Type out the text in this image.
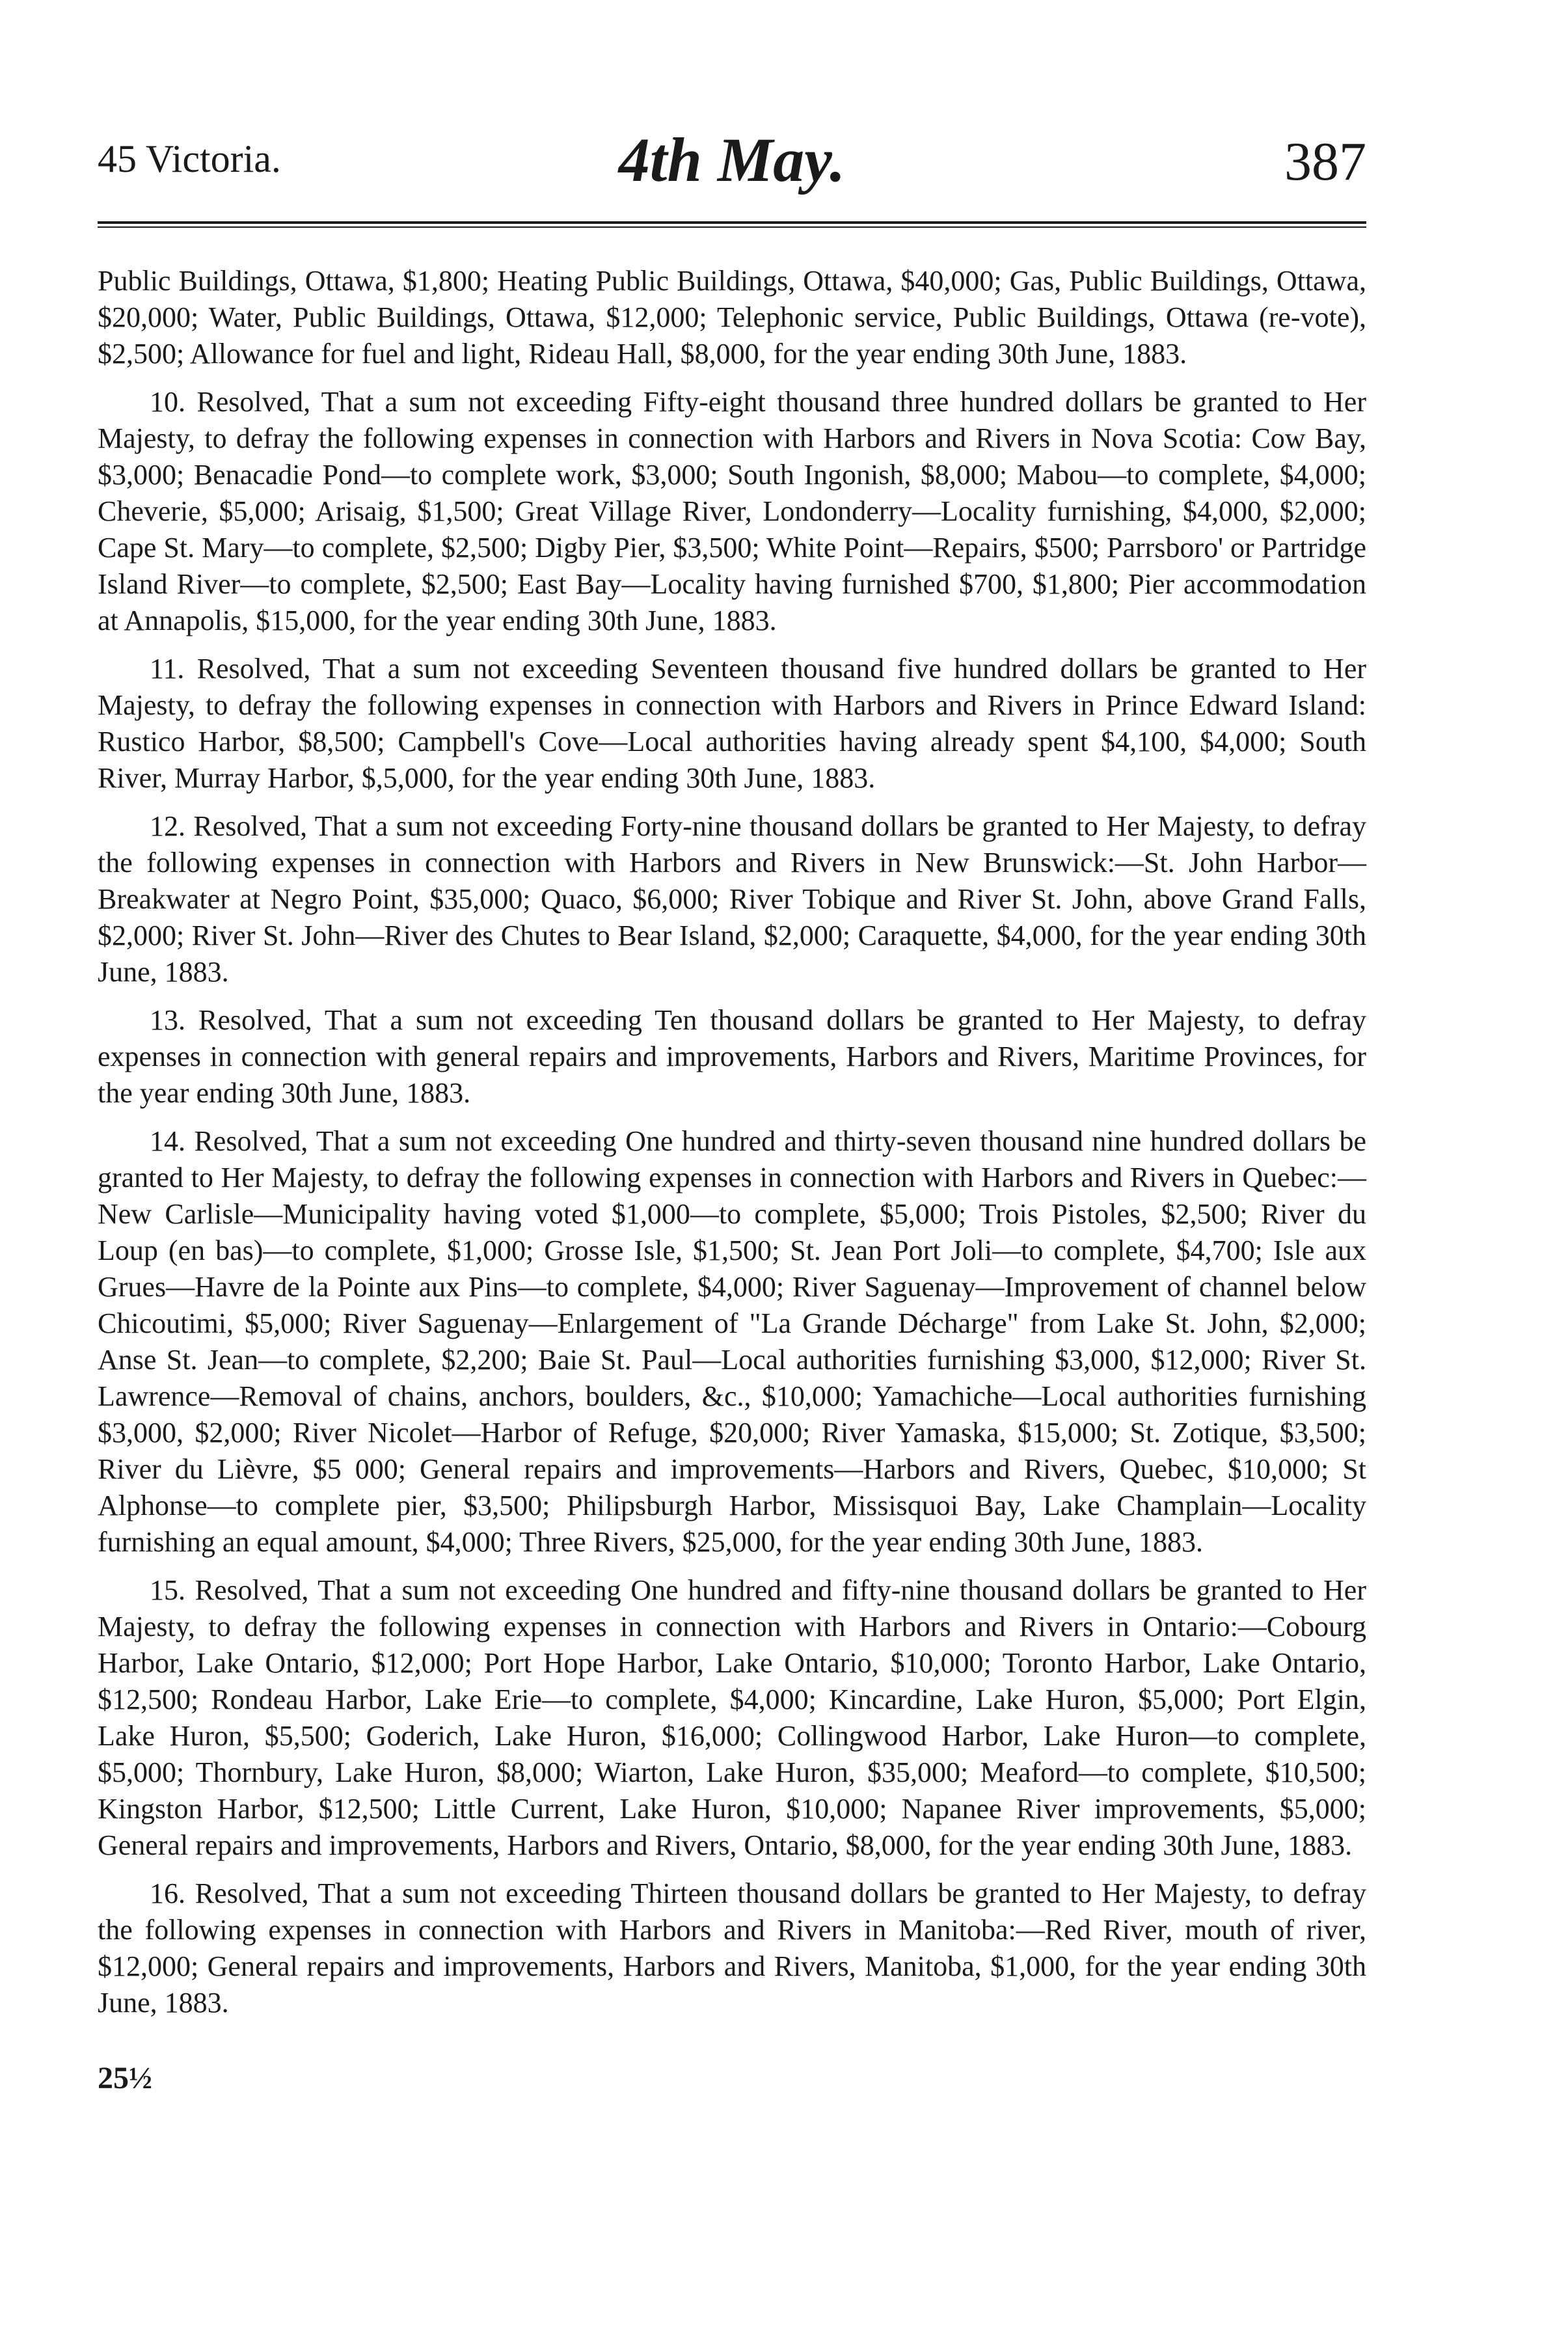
45 Victoria.	4th May.	387

Public Buildings, Ottawa, $1,800; Heating Public Buildings, Ottawa, $40,000; Gas, Public Buildings, Ottawa, $20,000; Water, Public Buildings, Ottawa, $12,000; Telephonic service, Public Buildings, Ottawa (re-vote), $2,500; Allowance for fuel and light, Rideau Hall, $8,000, for the year ending 30th June, 1883.

10. Resolved, That a sum not exceeding Fifty-eight thousand three hundred dollars be granted to Her Majesty, to defray the following expenses in connection with Harbors and Rivers in Nova Scotia: Cow Bay, $3,000; Benacadie Pond—to complete work, $3,000; South Ingonish, $8,000; Mabou—to complete, $4,000; Cheverie, $5,000; Arisaig, $1,500; Great Village River, Londonderry—Locality furnishing, $4,000, $2,000; Cape St. Mary—to complete, $2,500; Digby Pier, $3,500; White Point—Repairs, $500; Parrsboro' or Partridge Island River—to complete, $2,500; East Bay—Locality having furnished $700, $1,800; Pier accommodation at Annapolis, $15,000, for the year ending 30th June, 1883.

11. Resolved, That a sum not exceeding Seventeen thousand five hundred dollars be granted to Her Majesty, to defray the following expenses in connection with Harbors and Rivers in Prince Edward Island: Rustico Harbor, $8,500; Campbell's Cove—Local authorities having already spent $4,100, $4,000; South River, Murray Harbor, $,5,000, for the year ending 30th June, 1883.

12. Resolved, That a sum not exceeding Forty-nine thousand dollars be granted to Her Majesty, to defray the following expenses in connection with Harbors and Rivers in New Brunswick:—St. John Harbor—Breakwater at Negro Point, $35,000; Quaco, $6,000; River Tobique and River St. John, above Grand Falls, $2,000; River St. John—River des Chutes to Bear Island, $2,000; Caraquette, $4,000, for the year ending 30th June, 1883.

13. Resolved, That a sum not exceeding Ten thousand dollars be granted to Her Majesty, to defray expenses in connection with general repairs and improvements, Harbors and Rivers, Maritime Provinces, for the year ending 30th June, 1883.

14. Resolved, That a sum not exceeding One hundred and thirty-seven thousand nine hundred dollars be granted to Her Majesty, to defray the following expenses in connection with Harbors and Rivers in Quebec:—New Carlisle—Municipality having voted $1,000—to complete, $5,000; Trois Pistoles, $2,500; River du Loup (en bas)—to complete, $1,000; Grosse Isle, $1,500; St. Jean Port Joli—to complete, $4,700; Isle aux Grues—Havre de la Pointe aux Pins—to complete, $4,000; River Saguenay—Improvement of channel below Chicoutimi, $5,000; River Saguenay—Enlargement of "La Grande Décharge" from Lake St. John, $2,000; Anse St. Jean—to complete, $2,200; Baie St. Paul—Local authorities furnishing $3,000, $12,000; River St. Lawrence—Removal of chains, anchors, boulders, &c., $10,000; Yamachiche—Local authorities furnishing $3,000, $2,000; River Nicolet—Harbor of Refuge, $20,000; River Yamaska, $15,000; St. Zotique, $3,500; River du Lièvre, $5 000; General repairs and improvements—Harbors and Rivers, Quebec, $10,000; St Alphonse—to complete pier, $3,500; Philipsburgh Harbor, Missisquoi Bay, Lake Champlain—Locality furnishing an equal amount, $4,000; Three Rivers, $25,000, for the year ending 30th June, 1883.

15. Resolved, That a sum not exceeding One hundred and fifty-nine thousand dollars be granted to Her Majesty, to defray the following expenses in connection with Harbors and Rivers in Ontario:—Cobourg Harbor, Lake Ontario, $12,000; Port Hope Harbor, Lake Ontario, $10,000; Toronto Harbor, Lake Ontario, $12,500; Rondeau Harbor, Lake Erie—to complete, $4,000; Kincardine, Lake Huron, $5,000; Port Elgin, Lake Huron, $5,500; Goderich, Lake Huron, $16,000; Collingwood Harbor, Lake Huron—to complete, $5,000; Thornbury, Lake Huron, $8,000; Wiarton, Lake Huron, $35,000; Meaford—to complete, $10,500; Kingston Harbor, $12,500; Little Current, Lake Huron, $10,000; Napanee River improvements, $5,000; General repairs and improvements, Harbors and Rivers, Ontario, $8,000, for the year ending 30th June, 1883.

16. Resolved, That a sum not exceeding Thirteen thousand dollars be granted to Her Majesty, to defray the following expenses in connection with Harbors and Rivers in Manitoba:—Red River, mouth of river, $12,000; General repairs and improvements, Harbors and Rivers, Manitoba, $1,000, for the year ending 30th June, 1883.

25½
